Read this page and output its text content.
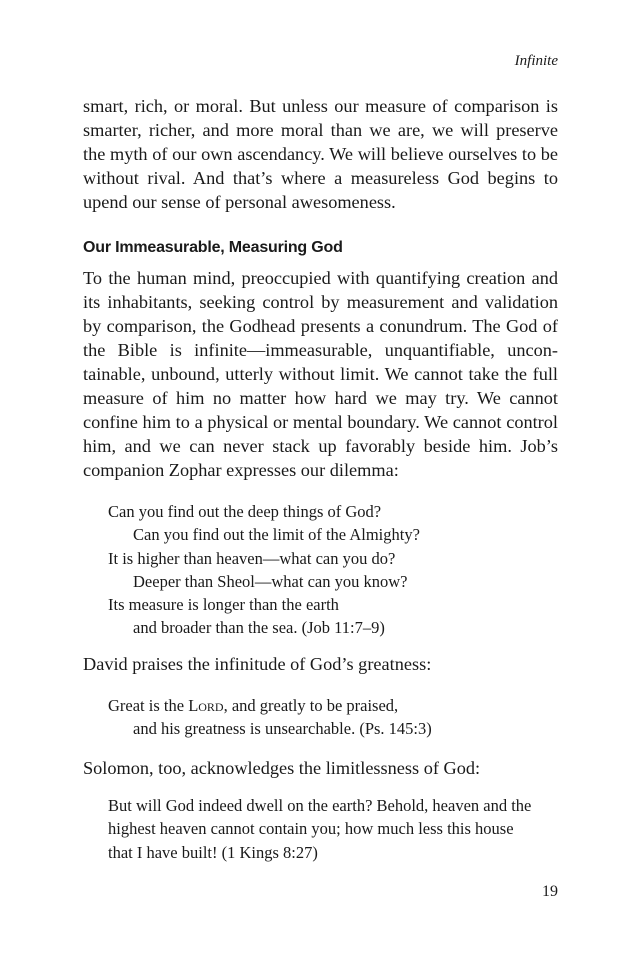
Infinite

smart, rich, or moral. But unless our measure of comparison is smarter, richer, and more moral than we are, we will preserve the myth of our own ascendancy. We will believe ourselves to be without rival. And that’s where a measureless God begins to upend our sense of personal awesomeness.

Our Immeasurable, Measuring God

To the human mind, preoccupied with quantifying creation and its inhabitants, seeking control by measurement and validation by comparison, the Godhead presents a conundrum. The God of the Bible is infinite—immeasurable, unquantifiable, uncontainable, unbound, utterly without limit. We cannot take the full measure of him no matter how hard we may try. We cannot confine him to a physical or mental boundary. We cannot control him, and we can never stack up favorably beside him. Job’s companion Zophar expresses our dilemma:

Can you find out the deep things of God?
Can you find out the limit of the Almighty?
It is higher than heaven—what can you do?
Deeper than Sheol—what can you know?
Its measure is longer than the earth
and broader than the sea. (Job 11:7–9)
David praises the infinitude of God’s greatness:
Great is the Lord, and greatly to be praised,
and his greatness is unsearchable. (Ps. 145:3)
Solomon, too, acknowledges the limitlessness of God:

But will God indeed dwell on the earth? Behold, heaven and the highest heaven cannot contain you; how much less this house that I have built! (1 Kings 8:27)

19
